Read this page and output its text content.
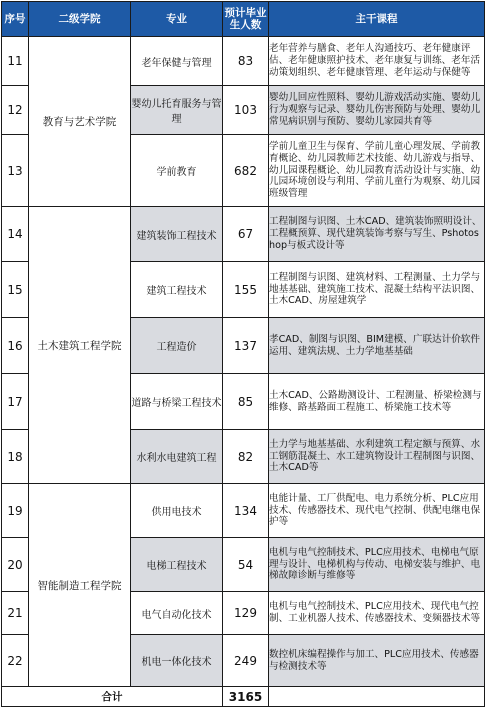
序号	二级学院	专业	预计毕业生人数	主干课程
11	教育与艺术学院	老年保健与管理	83	老年营养与膳食、老年人沟通技巧、老年健康评估、老年健康照护技术、老年康复与训练、老年活动策划组织、老年健康管理、老年运动与保健等
12		婴幼儿托育服务与管理	103	婴幼儿回应性照料、婴幼儿游戏活动实施、婴幼儿行为观察与记录、婴幼儿伤害预防与处理、婴幼儿常见病识别与预防、婴幼儿家园共育等
13		学前教育	682	学前儿童卫生与保育、学前儿童心理发展、学前教育概论、幼儿园教师艺术技能、幼儿游戏与指导、幼儿园课程概论、幼儿园教育活动设计与实施、幼儿园环境创设与利用、学前儿童行为观察、幼儿园班级管理
14	土木建筑工程学院	建筑装饰工程技术	67	工程制图与识图、土木CAD、建筑装饰照明设计、工程概预算、现代建筑装饰考察与写生、Pshotoshop与板式设计等
15		建筑工程技术	155	工程制图与识图、建筑材料、工程测量、土力学与地基基础、建筑施工技术、混凝土结构平法识图、土木CAD、房屋建筑学
16		工程造价	137	孝CAD、制图与识图、BIM建模、广联达计价软件运用、建筑法规、土力学地基基础
17		道路与桥梁工程技术	85	土木CAD、公路勘测设计、工程测量、桥梁检测与维修、路基路面工程施工、桥梁施工技术等
18		水利水电建筑工程	82	土力学与地基基础、水利建筑工程定额与预算、水工钢筋混凝土、水工建筑物设计工程制图与识图、土木CAD等
19	智能制造工程学院	供用电技术	134	电能计量、工厂供配电、电力系统分析、PLC应用技术、传感器技术、现代电气控制、供配电继电保护等
20		电梯工程技术	54	电机与电气控制技术、PLC应用技术、电梯电气原理与设计、电梯机构与传动、电梯安装与维护、电梯故障诊断与维修等
21		电气自动化技术	129	电机与电气控制技术、PLC应用技术、现代电气控制、工业机器人技术、传感器技术、变频器技术等
22		机电一体化技术	249	数控机床编程操作与加工、PLC应用技术、传感器与检测技术等
合计			3165	
